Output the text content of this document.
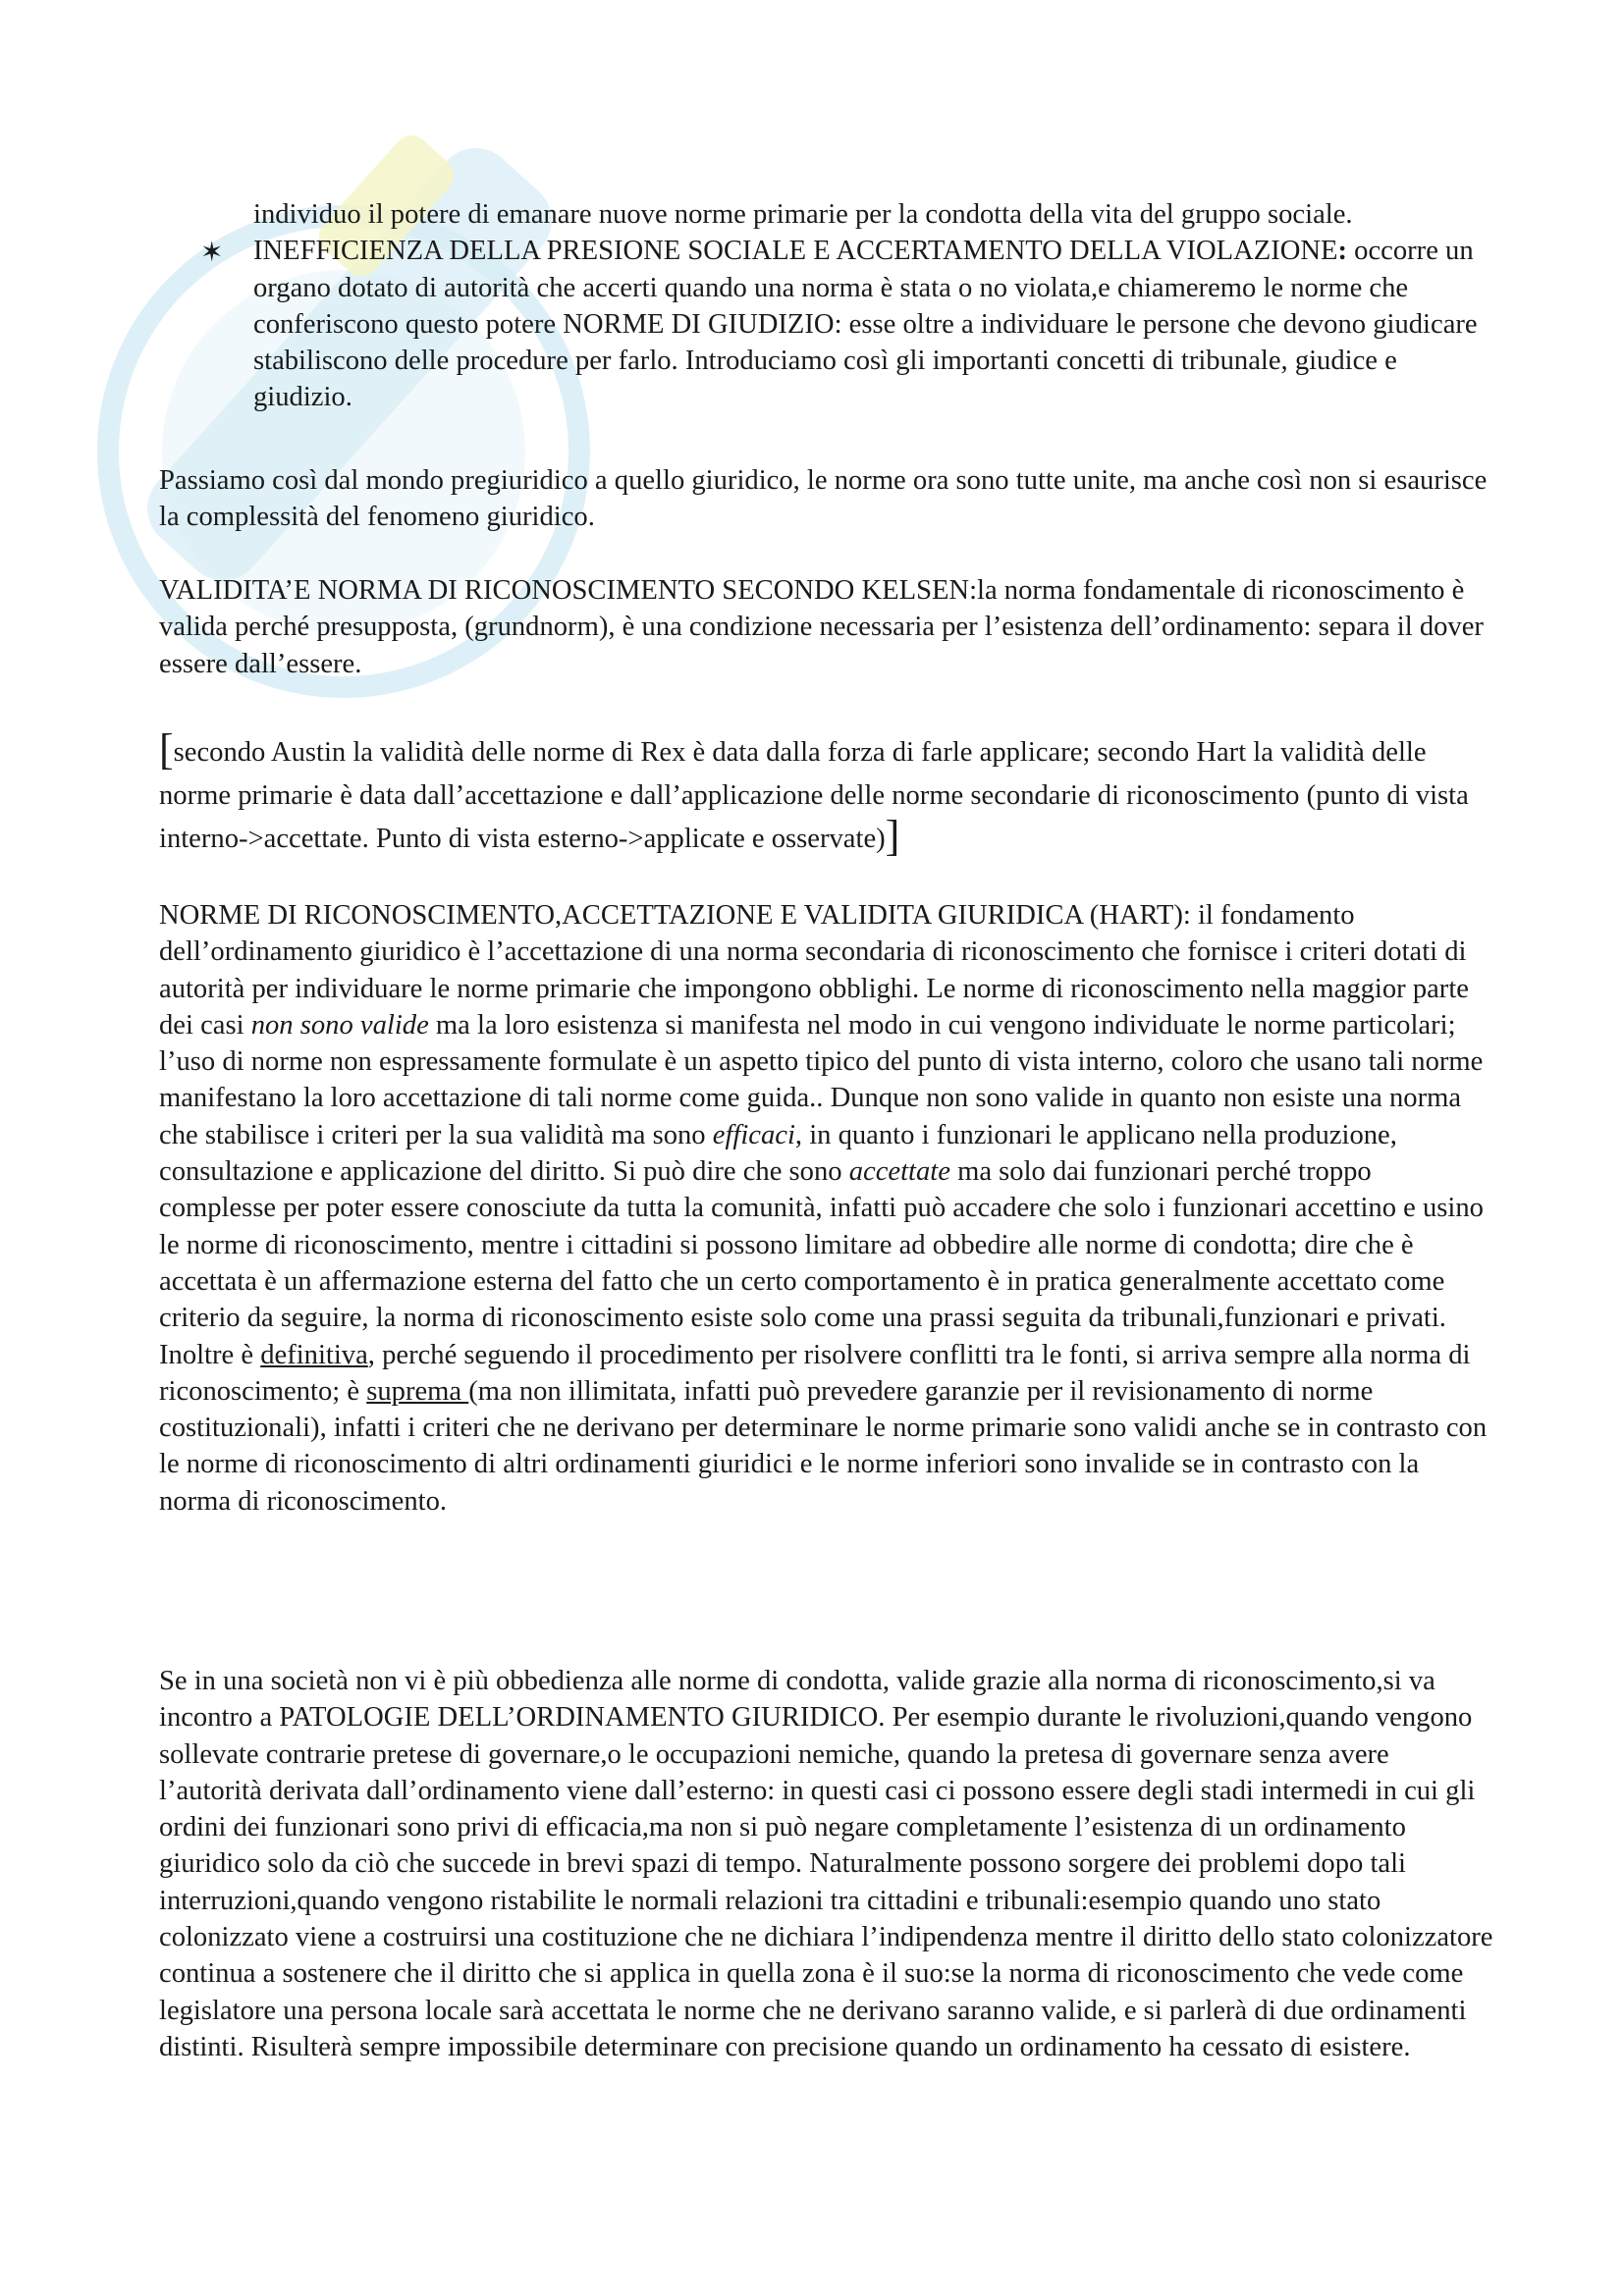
individuo il potere di emanare nuove norme primarie per la condotta della vita del gruppo sociale.

✶ INEFFICIENZA DELLA PRESIONE SOCIALE E ACCERTAMENTO DELLA VIOLAZIONE: occorre un organo dotato di autorità che accerti quando una norma è stata o no violata,e chiameremo le norme che conferiscono questo potere NORME DI GIUDIZIO: esse oltre a individuare le persone che devono giudicare stabiliscono delle procedure per farlo. Introduciamo così gli importanti concetti di tribunale, giudice e giudizio.

Passiamo così dal mondo pregiuridico a quello giuridico, le norme ora sono tutte unite, ma anche così non si esaurisce la complessità del fenomeno giuridico.

VALIDITA’E NORMA DI RICONOSCIMENTO SECONDO KELSEN:la norma fondamentale di riconoscimento è valida perché presupposta, (grundnorm), è una condizione necessaria per l’esistenza dell’ordinamento: separa il dover essere dall’essere.

[secondo Austin la validità delle norme di Rex è data dalla forza di farle applicare; secondo Hart la validità delle norme primarie è data dall’accettazione e dall’applicazione delle norme secondarie di riconoscimento (punto di vista interno->accettate. Punto di vista esterno->applicate e osservate)]

NORME DI RICONOSCIMENTO,ACCETTAZIONE E VALIDITA GIURIDICA (HART): il fondamento dell’ordinamento giuridico è l’accettazione di una norma secondaria di riconoscimento che fornisce i criteri dotati di autorità per individuare le norme primarie che impongono obblighi. Le norme di riconoscimento nella maggior parte dei casi non sono valide ma la loro esistenza si manifesta nel modo in cui vengono individuate le norme particolari; l’uso di norme non espressamente formulate è un aspetto tipico del punto di vista interno, coloro che usano tali norme manifestano la loro accettazione di tali norme come guida.. Dunque non sono valide in quanto non esiste una norma che stabilisce i criteri per la sua validità ma sono efficaci, in quanto i funzionari le applicano nella produzione, consultazione e applicazione del diritto. Si può dire che sono accettate ma solo dai funzionari perché troppo complesse per poter essere conosciute da tutta la comunità, infatti può accadere che solo i funzionari accettino e usino le norme di riconoscimento, mentre i cittadini si possono limitare ad obbedire alle norme di condotta; dire che è accettata è un affermazione esterna del fatto che un certo comportamento è in pratica generalmente accettato come criterio da seguire, la norma di riconoscimento esiste solo come una prassi seguita da tribunali,funzionari e privati. Inoltre è definitiva, perché seguendo il procedimento per risolvere conflitti tra le fonti, si arriva sempre alla norma di riconoscimento; è suprema (ma non illimitata, infatti può prevedere garanzie per il revisionamento di norme costituzionali), infatti i criteri che ne derivano per determinare le norme primarie sono validi anche se in contrasto con le norme di riconoscimento di altri ordinamenti giuridici e le norme inferiori sono invalide se in contrasto con la norma di riconoscimento.

Se in una società non vi è più obbedienza alle norme di condotta, valide grazie alla norma di riconoscimento,si va incontro a PATOLOGIE DELL’ORDINAMENTO GIURIDICO. Per esempio durante le rivoluzioni,quando vengono sollevate contrarie pretese di governare,o le occupazioni nemiche, quando la pretesa di governare senza avere l’autorità derivata dall’ordinamento viene dall’esterno: in questi casi ci possono essere degli stadi intermedi in cui gli ordini dei funzionari sono privi di efficacia,ma non si può negare completamente l’esistenza di un ordinamento giuridico solo da ciò che succede in brevi spazi di tempo. Naturalmente possono sorgere dei problemi dopo tali interruzioni,quando vengono ristabilite le normali relazioni tra cittadini e tribunali:esempio quando uno stato colonizzato viene a costruirsi una costituzione che ne dichiara l’indipendenza mentre il diritto dello stato colonizzatore continua a sostenere che il diritto che si applica in quella zona è il suo:se la norma di riconoscimento che vede come legislatore una persona locale sarà accettata le norme che ne derivano saranno valide, e si parlerà di due ordinamenti distinti. Risulterà sempre impossibile determinare con precisione quando un ordinamento ha cessato di esistere.
